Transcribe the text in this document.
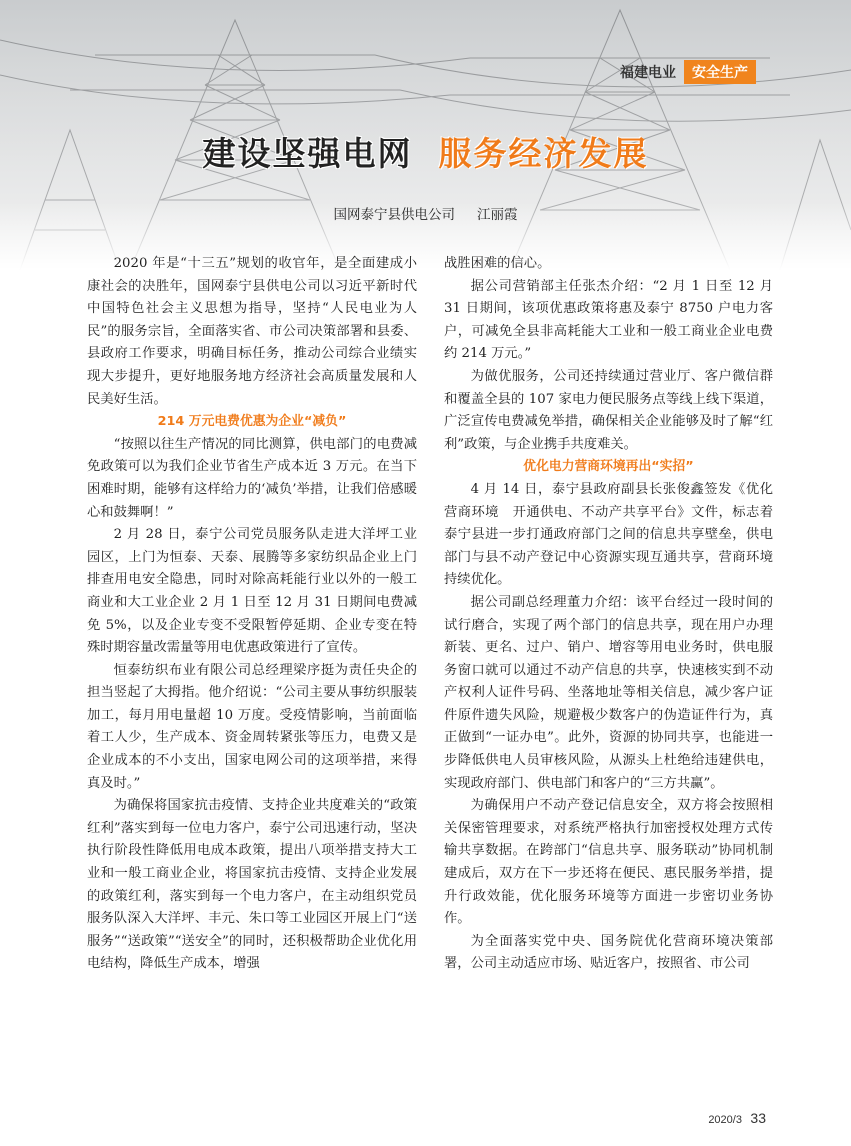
福建电业	安全生产
建设坚强电网 服务经济发展
国网泰宁县供电公司 江丽霞

2020 年是“十三五”规划的收官年，是全面建成小康社会的决胜年，国网泰宁县供电公司以习近平新时代中国特色社会主义思想为指导，坚持“人民电业为人民”的服务宗旨，全面落实省、市公司决策部署和县委、县政府工作要求，明确目标任务，推动公司综合业绩实现大步提升，更好地服务地方经济社会高质量发展和人民美好生活。

214 万元电费优惠为企业“减负”

“按照以往生产情况的同比测算，供电部门的电费减免政策可以为我们企业节省生产成本近 3 万元。在当下困难时期，能够有这样给力的‘减负’举措，让我们倍感暖心和鼓舞啊！”

2 月 28 日，泰宁公司党员服务队走进大洋坪工业园区，上门为恒泰、天泰、展腾等多家纺织品企业上门排查用电安全隐患，同时对除高耗能行业以外的一般工商业和大工业企业 2 月 1 日至 12 月 31 日期间电费减免 5%，以及企业专变不受限暂停延期、企业专变在特殊时期容量改需量等用电优惠政策进行了宣传。

恒泰纺织布业有限公司总经理梁序挺为责任央企的担当竖起了大拇指。他介绍说：“公司主要从事纺织服装加工，每月用电量超 10 万度。受疫情影响，当前面临着工人少，生产成本、资金周转紧张等压力，电费又是企业成本的不小支出，国家电网公司的这项举措，来得真及时。”

为确保将国家抗击疫情、支持企业共度难关的“政策红利”落实到每一位电力客户，泰宁公司迅速行动，坚决执行阶段性降低用电成本政策，提出八项举措支持大工业和一般工商业企业，将国家抗击疫情、支持企业发展的政策红利，落实到每一个电力客户，在主动组织党员服务队深入大洋坪、丰元、朱口等工业园区开展上门“送服务”“送政策”“送安全”的同时，还积极帮助企业优化用电结构，降低生产成本，增强

战胜困难的信心。

据公司营销部主任张杰介绍：“2 月 1 日至 12 月 31 日期间，该项优惠政策将惠及泰宁 8750 户电力客户，可减免全县非高耗能大工业和一般工商业企业电费约 214 万元。”

为做优服务，公司还持续通过营业厅、客户微信群和覆盖全县的 107 家电力便民服务点等线上线下渠道，广泛宣传电费减免举措，确保相关企业能够及时了解“红利”政策，与企业携手共度难关。

优化电力营商环境再出“实招”

4 月 14 日，泰宁县政府副县长张俊鑫签发《优化营商环境　开通供电、不动产共享平台》文件，标志着泰宁县进一步打通政府部门之间的信息共享壁垒，供电部门与县不动产登记中心资源实现互通共享，营商环境持续优化。

据公司副总经理董力介绍：该平台经过一段时间的试行磨合，实现了两个部门的信息共享，现在用户办理新装、更名、过户、销户、增容等用电业务时，供电服务窗口就可以通过不动产信息的共享，快速核实到不动产权利人证件号码、坐落地址等相关信息，减少客户证件原件遗失风险，规避极少数客户的伪造证件行为，真正做到“一证办电”。此外，资源的协同共享，也能进一步降低供电人员审核风险，从源头上杜绝给违建供电，实现政府部门、供电部门和客户的“三方共赢”。

为确保用户不动产登记信息安全，双方将会按照相关保密管理要求，对系统严格执行加密授权处理方式传输共享数据。在跨部门“信息共享、服务联动”协同机制建成后，双方在下一步还将在便民、惠民服务举措，提升行政效能，优化服务环境等方面进一步密切业务协作。

为全面落实党中央、国务院优化营商环境决策部署，公司主动适应市场、贴近客户，按照省、市公司

2020/3 33
